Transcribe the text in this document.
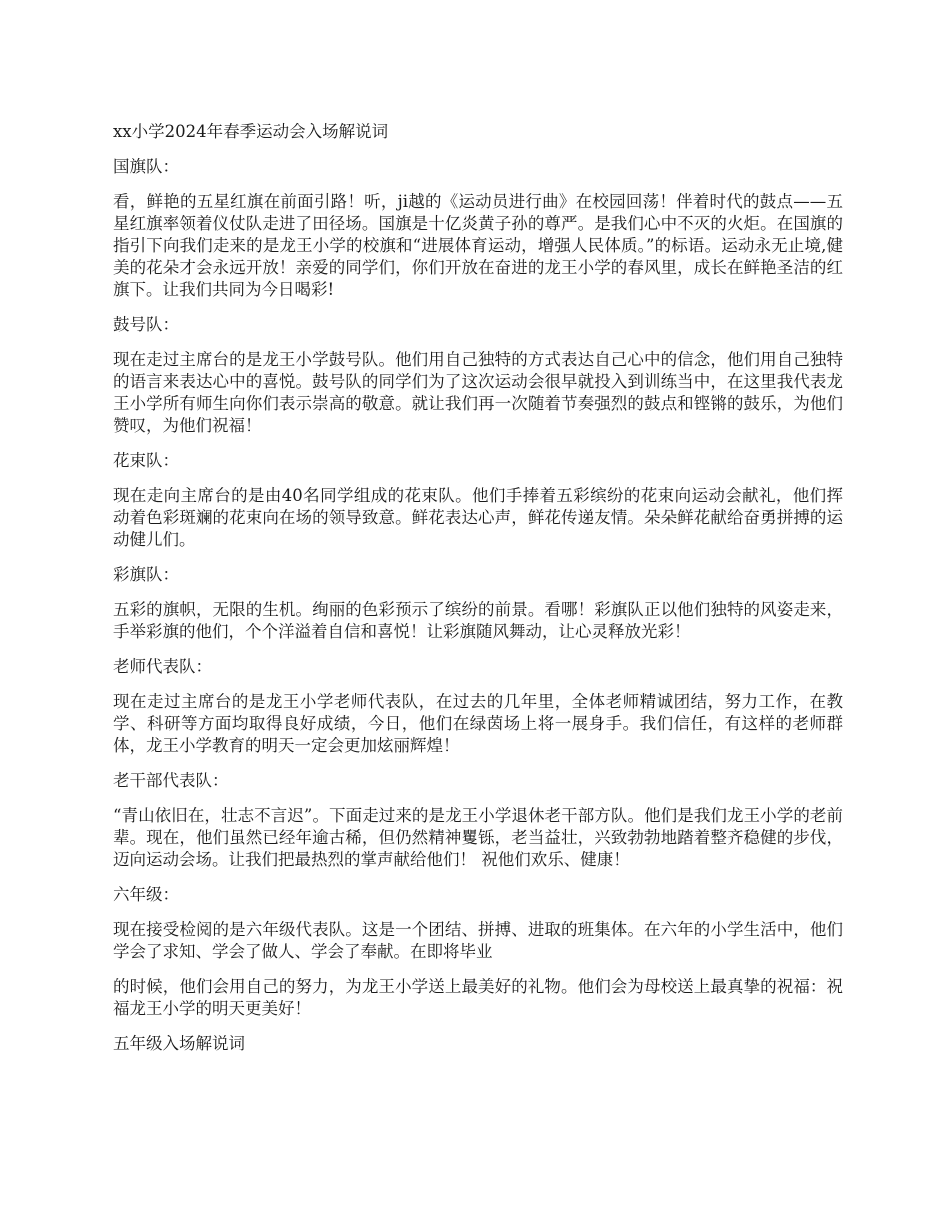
xx小学2024年春季运动会入场解说词
国旗队：
看，鲜艳的五星红旗在前面引路！听，ji越的《运动员进行曲》在校园回荡！伴着时代的鼓点——五星红旗率领着仪仗队走进了田径场。国旗是十亿炎黄子孙的尊严。是我们心中不灭的火炬。在国旗的指引下向我们走来的是龙王小学的校旗和“进展体育运动，增强人民体质。”的标语。运动永无止境,健美的花朵才会永远开放！亲爱的同学们，你们开放在奋进的龙王小学的春风里，成长在鲜艳圣洁的红旗下。让我们共同为今日喝彩!
鼓号队：
现在走过主席台的是龙王小学鼓号队。他们用自己独特的方式表达自己心中的信念，他们用自己独特的语言来表达心中的喜悦。鼓号队的同学们为了这次运动会很早就投入到训练当中，在这里我代表龙王小学所有师生向你们表示崇高的敬意。就让我们再一次随着节奏强烈的鼓点和铿锵的鼓乐，为他们赞叹，为他们祝福！
花束队：
现在走向主席台的是由40名同学组成的花束队。他们手捧着五彩缤纷的花束向运动会献礼，他们挥动着色彩斑斓的花束向在场的领导致意。鲜花表达心声，鲜花传递友情。朵朵鲜花献给奋勇拼搏的运动健儿们。
彩旗队：
五彩的旗帜，无限的生机。绚丽的色彩预示了缤纷的前景。看哪！彩旗队正以他们独特的风姿走来，手举彩旗的他们，个个洋溢着自信和喜悦！让彩旗随风舞动，让心灵释放光彩！
老师代表队：
现在走过主席台的是龙王小学老师代表队，在过去的几年里，全体老师精诚团结，努力工作，在教学、科研等方面均取得良好成绩，今日，他们在绿茵场上将一展身手。我们信任，有这样的老师群体，龙王小学教育的明天一定会更加炫丽辉煌！
老干部代表队：
“青山依旧在，壮志不言迟”。下面走过来的是龙王小学退休老干部方队。他们是我们龙王小学的老前辈。现在，他们虽然已经年逾古稀，但仍然精神矍铄，老当益壮，兴致勃勃地踏着整齐稳健的步伐，迈向运动会场。让我们把最热烈的掌声献给他们！ 祝他们欢乐、健康！
六年级：
现在接受检阅的是六年级代表队。这是一个团结、拼搏、进取的班集体。在六年的小学生活中，他们学会了求知、学会了做人、学会了奉献。在即将毕业
的时候，他们会用自己的努力，为龙王小学送上最美好的礼物。他们会为母校送上最真挚的祝福：祝福龙王小学的明天更美好！
五年级入场解说词
